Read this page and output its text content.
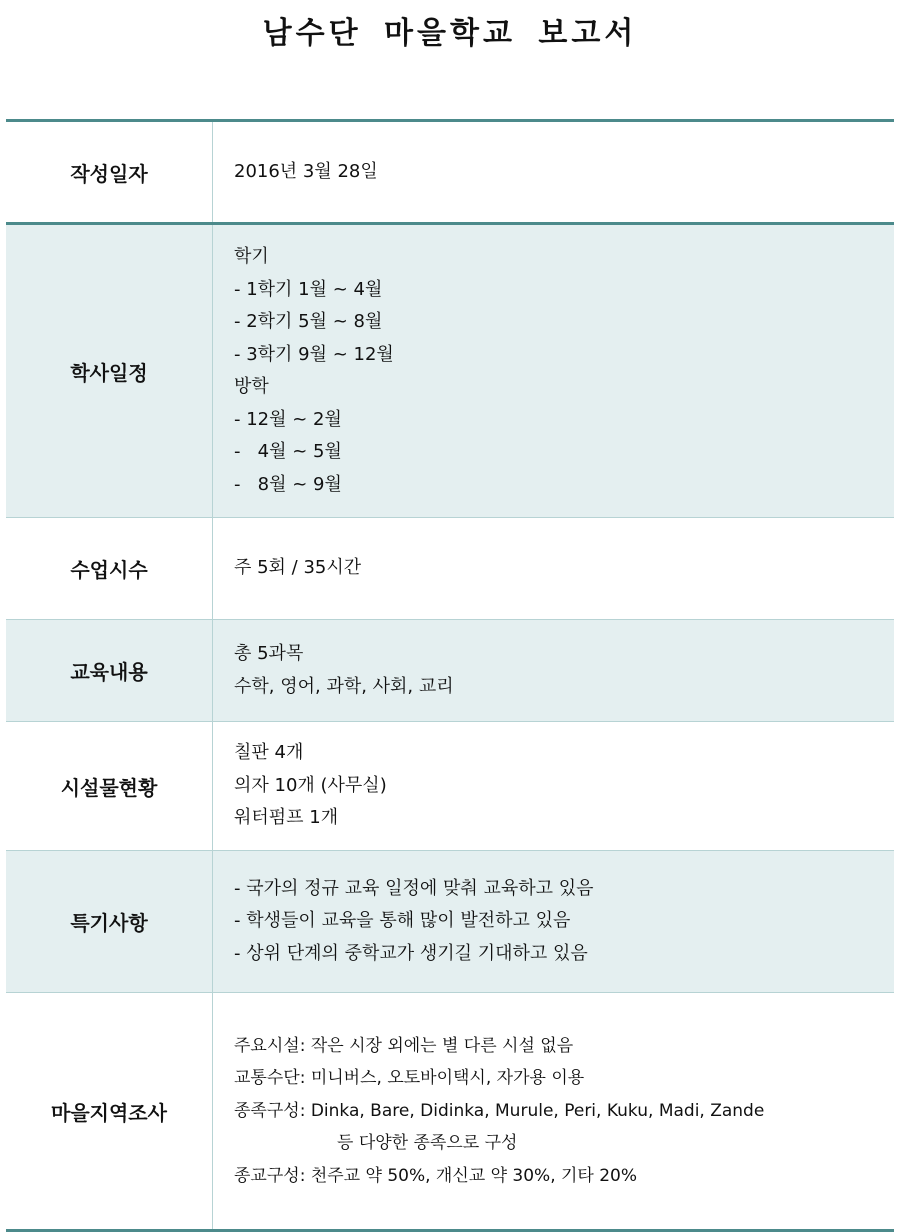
남수단 마을학교 보고서
작성일자	2016년 3월 28일
학사일정
학기
- 1학기 1월 ~ 4월
- 2학기 5월 ~ 8월
- 3학기 9월 ~ 12월
방학
- 12월 ~ 2월
-   4월 ~ 5월
-   8월 ~ 9월
수업시수	주 5회 / 35시간
교육내용
총 5과목
수학, 영어, 과학, 사회, 교리
시설물현황
칠판 4개
의자 10개 (사무실)
워터펌프 1개
특기사항
- 국가의 정규 교육 일정에 맞춰 교육하고 있음
- 학생들이 교육을 통해 많이 발전하고 있음
- 상위 단계의 중학교가 생기길 기대하고 있음
마을지역조사
주요시설: 작은 시장 외에는 별 다른 시설 없음
교통수단: 미니버스, 오토바이택시, 자가용 이용
종족구성: Dinka, Bare, Didinka, Murule, Peri, Kuku, Madi, Zande
등 다양한 종족으로 구성
종교구성: 천주교 약 50%, 개신교 약 30%, 기타 20%
